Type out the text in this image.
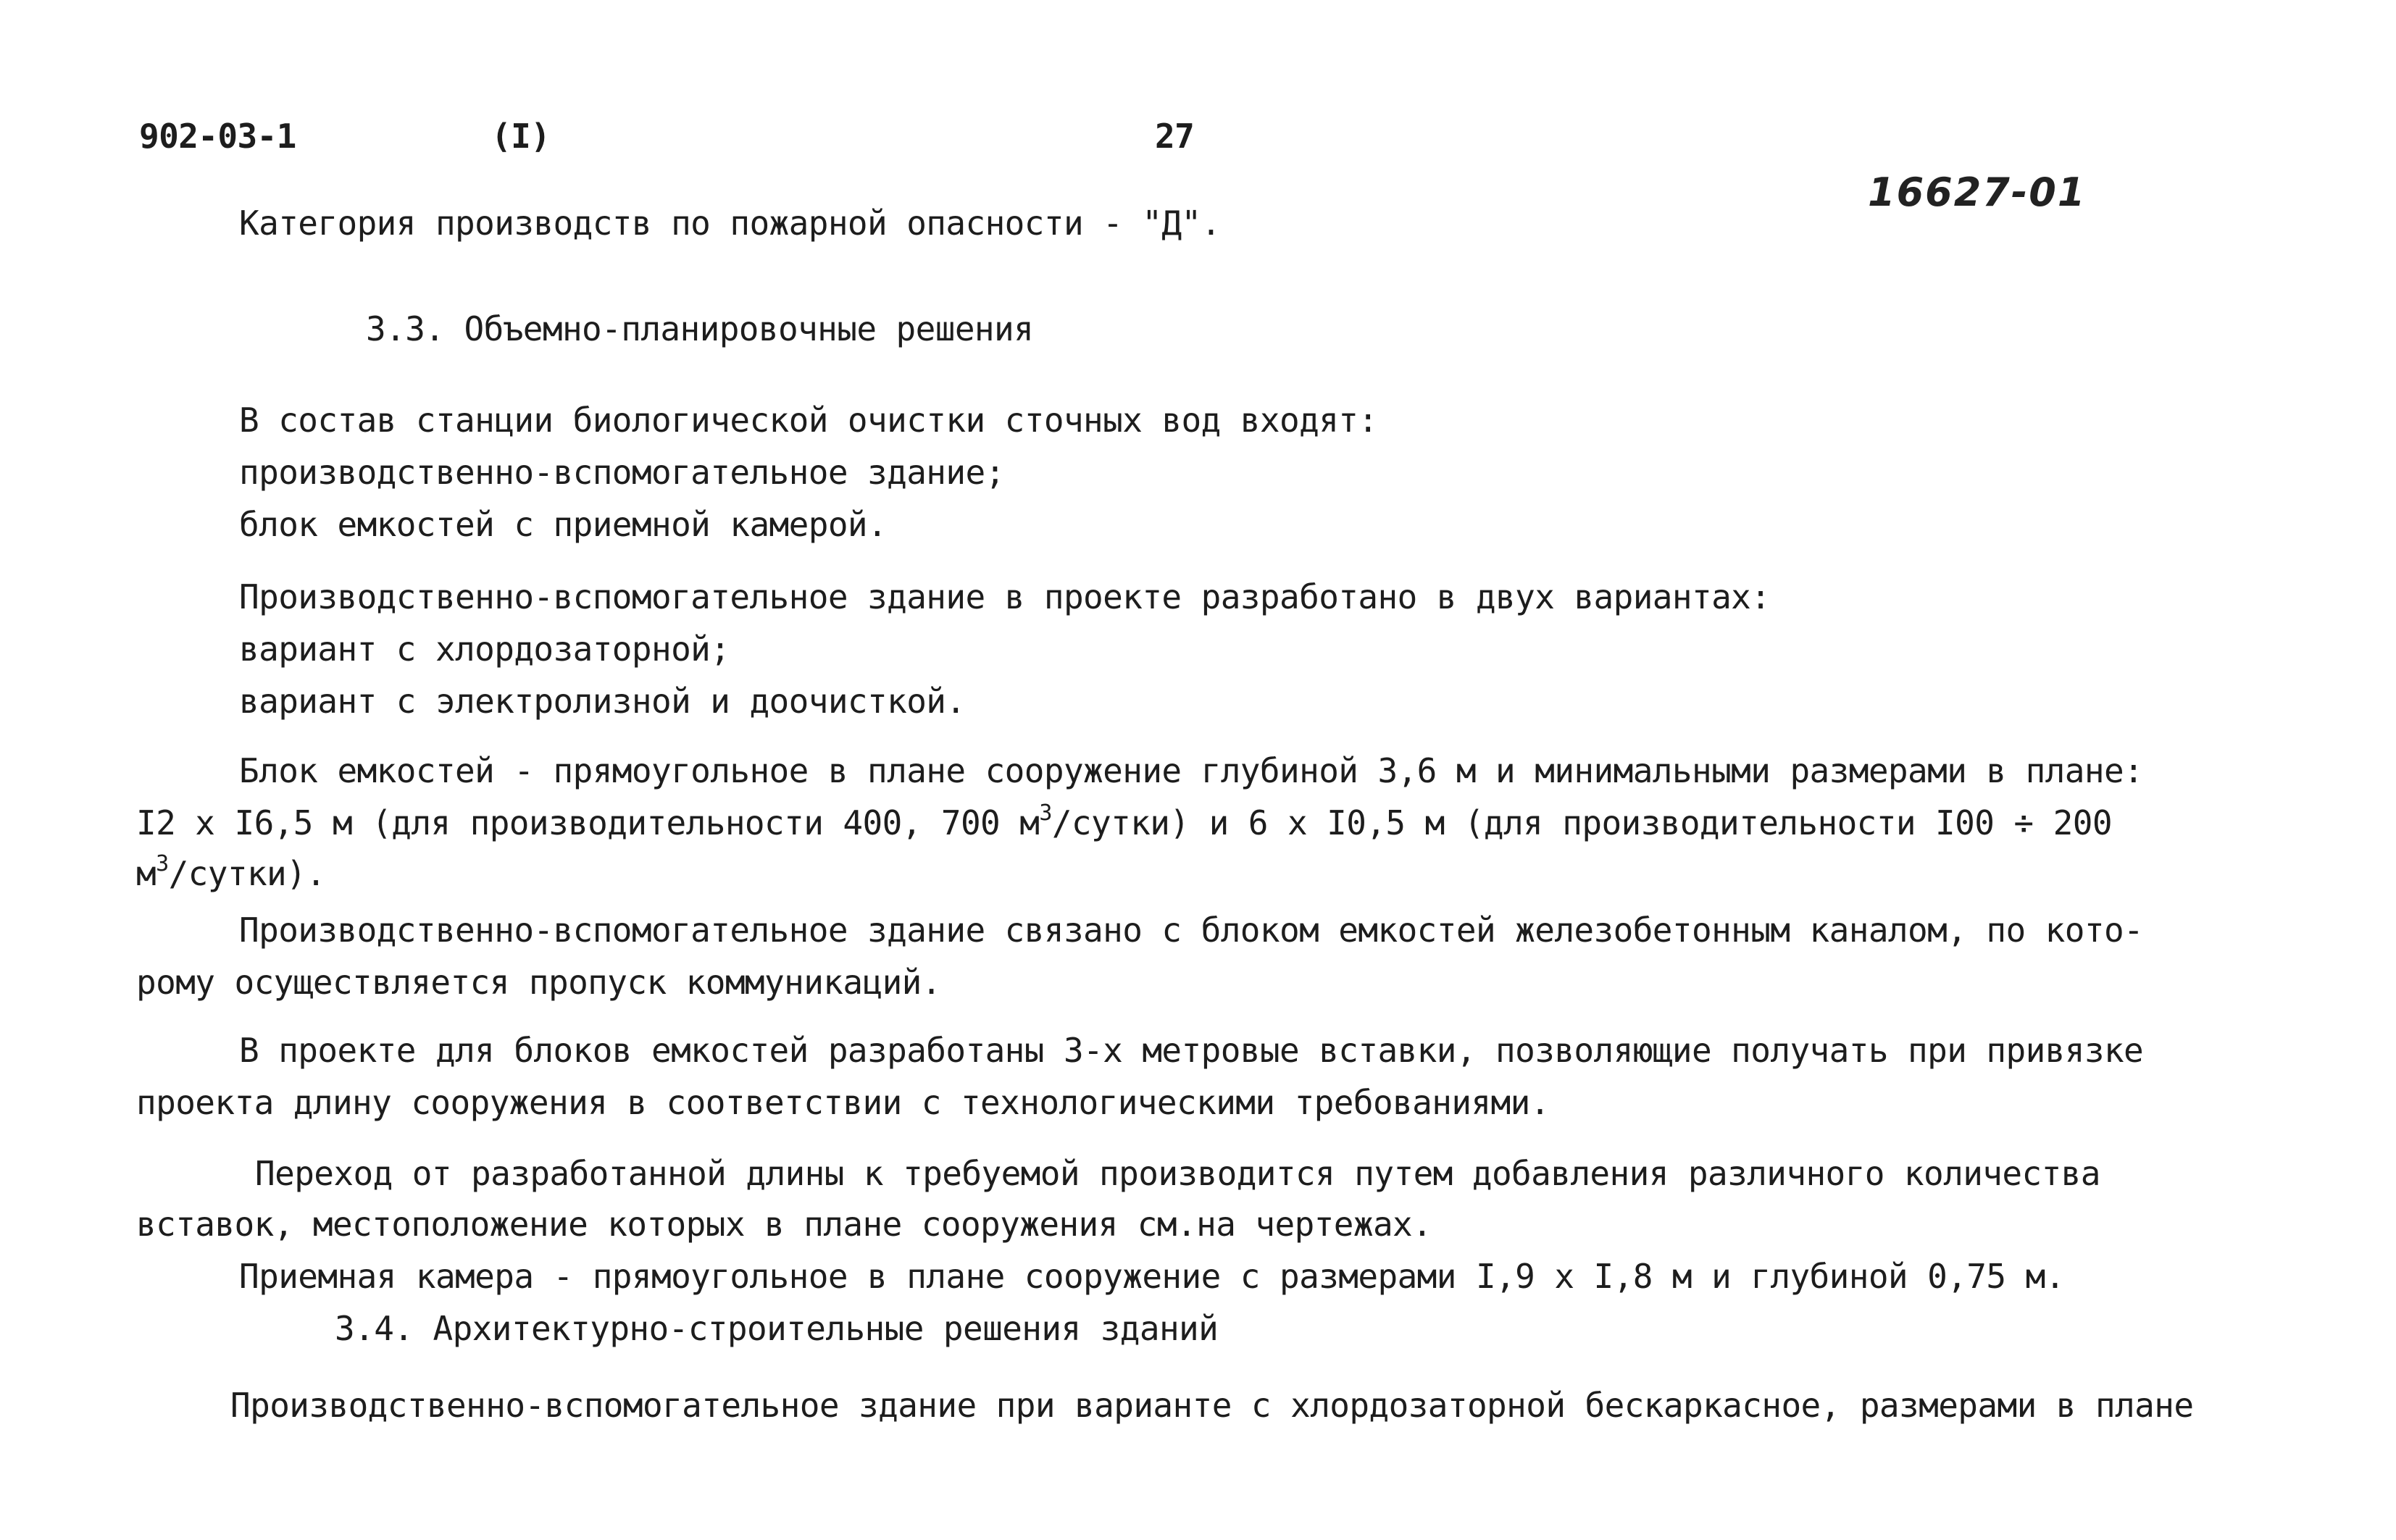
902-03-1	(I)	27
16627-01
Категория производств по пожарной опасности - "Д".
3.3. Объемно-планировочные решения
В состав станции биологической очистки сточных вод входят:
производственно-вспомогательное здание;
блок емкостей с приемной камерой.
Производственно-вспомогательное здание в проекте разработано в двух вариантах:
вариант с хлордозаторной;
вариант с электролизной и доочисткой.
Блок емкостей - прямоугольное в плане сооружение глубиной 3,6 м и минимальными размерами в плане:
I2 x I6,5 м (для производительности 400, 700 $м^3/сутки$) и 6 x I0,5 м (для производительности I00 ÷ 200
$м^3/сутки$).
Производственно-вспомогательное здание связано с блоком емкостей железобетонным каналом, по кото-
рому осуществляется пропуск коммуникаций.
В проекте для блоков емкостей разработаны 3-х метровые вставки, позволяющие получать при привязке
проекта длину сооружения в соответствии с технологическими требованиями.
Переход от разработанной длины к требуемой производится путем добавления различного количества
вставок, местоположение которых в плане сооружения см.на чертежах.
Приемная камера - прямоугольное в плане сооружение с размерами I,9 x I,8 м и глубиной 0,75 м.
3.4. Архитектурно-строительные решения зданий
Производственно-вспомогательное здание при варианте с хлордозаторной бескаркасное, размерами в плане
